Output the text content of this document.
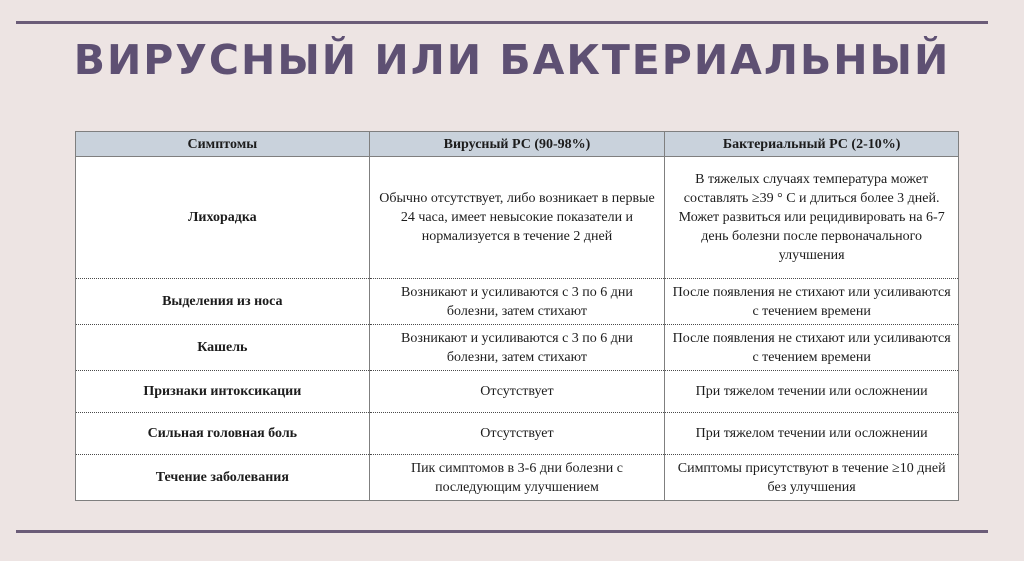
ВИРУСНЫЙ ИЛИ БАКТЕРИАЛЬНЫЙ
Симптомы	Вирусный РС (90-98%)	Бактериальный РС (2-10%)
Лихорадка	Обычно отсутствует, либо возникает в первые 24 часа, имеет невысокие показатели и нормализуется в течение 2 дней	В тяжелых случаях температура может составлять ≥39 ° С и длиться более 3 дней.
Может развиться или рецидивировать на 6-7 день болезни после первоначального улучшения

Выделения из носа	Возникают и усиливаются с 3 по 6 дни болезни, затем стихают	После появления не стихают или усиливаются с течением времени
Кашель	Возникают и усиливаются с 3 по 6 дни болезни, затем стихают	После появления не стихают или усиливаются с течением времени
Признаки интоксикации	Отсутствует	При тяжелом течении или осложнении
Сильная головная боль	Отсутствует	При тяжелом течении или осложнении
Течение заболевания	Пик симптомов в 3-6 дни болезни с последующим улучшением	Симптомы присутствуют в течение ≥10 дней без улучшения
